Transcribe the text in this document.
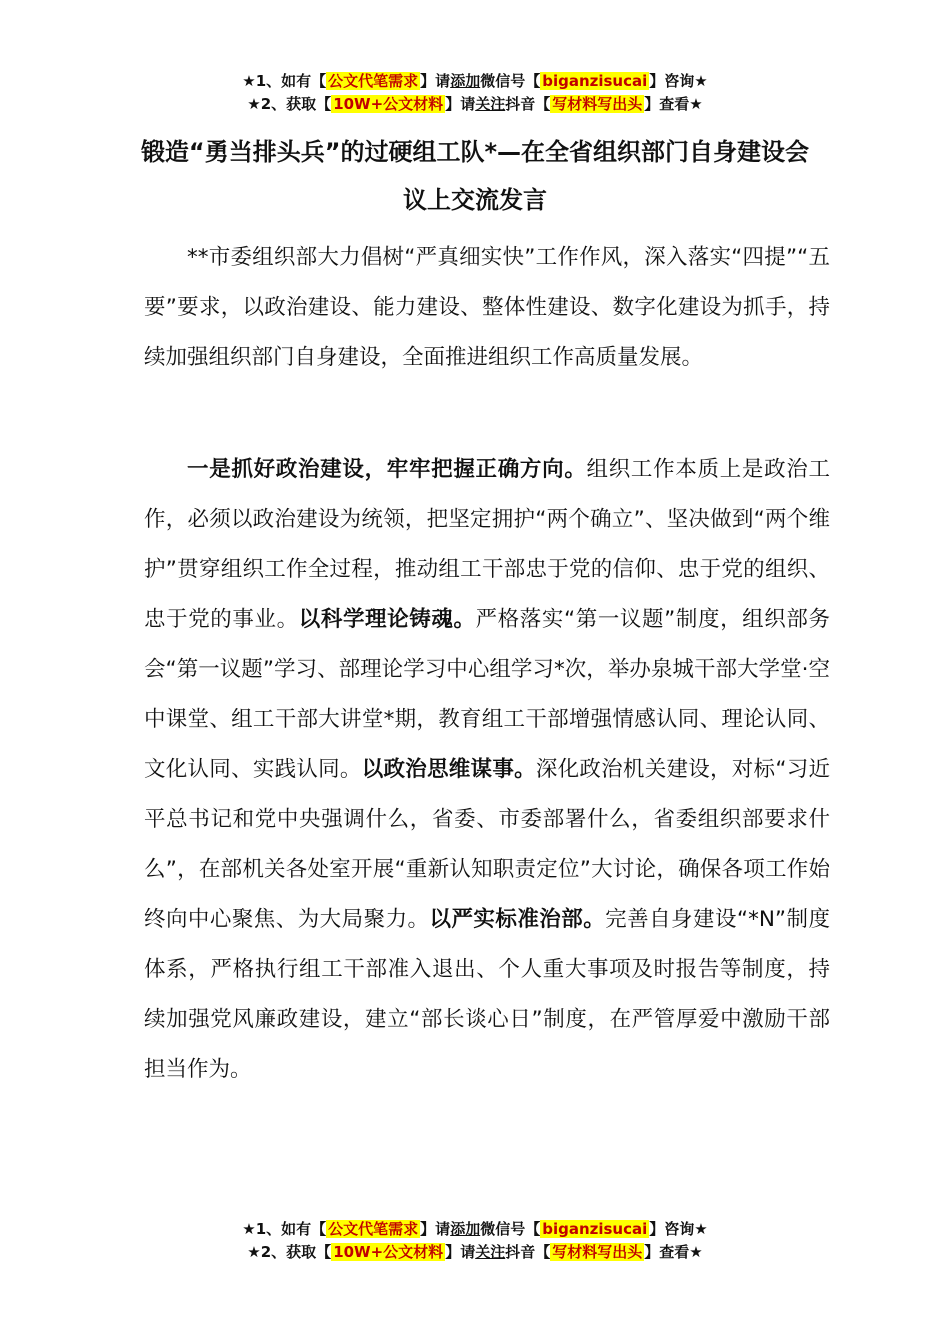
★1、如有【 公文代笔需求 】请添加微信号【 biganzisucai 】咨询★
★2、获取【 10W+公文材料 】请关注抖音【 写材料写出头 】查看★
锻造“勇当排头兵”的过硬组工队*—在全省组织部门自身建设会议上交流发言
**市委组织部大力倡树“严真细实快”工作作风，深入落实“四提”“五要”要求，以政治建设、能力建设、整体性建设、数字化建设为抓手，持续加强组织部门自身建设，全面推进组织工作高质量发展。
一是抓好政治建设，牢牢把握正确方向。组织工作本质上是政治工作，必须以政治建设为统领，把坚定拥护“两个确立”、坚决做到“两个维护”贯穿组织工作全过程，推动组工干部忠于党的信仰、忠于党的组织、忠于党的事业。以科学理论铸魂。严格落实“第一议题”制度，组织部务会“第一议题”学习、部理论学习中心组学习*次，举办泉城干部大学堂·空中课堂、组工干部大讲堂*期，教育组工干部增强情感认同、理论认同、文化认同、实践认同。以政治思维谋事。深化政治机关建设，对标“习近平总书记和党中央强调什么，省委、市委部署什么，省委组织部要求什么”，在部机关各处室开展“重新认知职责定位”大讨论，确保各项工作始终向中心聚焦、为大局聚力。以严实标准治部。完善自身建设“*N”制度体系，严格执行组工干部准入退出、个人重大事项及时报告等制度，持续加强党风廉政建设，建立“部长谈心日”制度，在严管厚爱中激励干部担当作为。
★1、如有【 公文代笔需求 】请添加微信号【 biganzisucai 】咨询★
★2、获取【 10W+公文材料 】请关注抖音【 写材料写出头 】查看★
